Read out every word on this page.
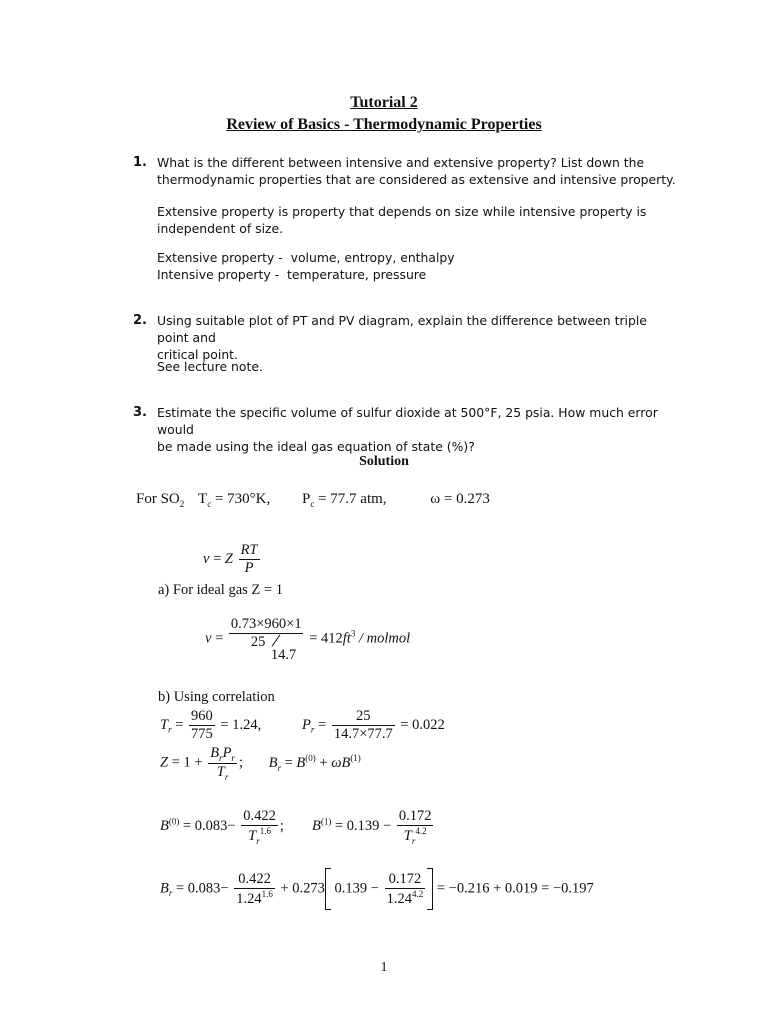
Tutorial 2
Review of Basics - Thermodynamic Properties
1. What is the different between intensive and extensive property? List down the
thermodynamic properties that are considered as extensive and intensive property.
Extensive property is property that depends on size while intensive property is
independent of size.
Extensive property -  volume, entropy, enthalpy
Intensive property -  temperature, pressure
2. Using suitable plot of PT and PV diagram, explain the difference between triple point and
critical point.
See lecture note.
3. Estimate the specific volume of sulfur dioxide at 500°F, 25 psia. How much error would
be made using the ideal gas equation of state (%)?
Solution
For $SO_2$ $T_c = 730^\circ K$, $P_c = 77.7$ atm,	ω = 0.273
v = Z $\frac{RT}{P}$
a) For ideal gas Z = 1
v = 0.73×960×1
25
$14.7 = 412ft^3$ / molmol
b) Using correlation
$T_r = \frac{960}{775} = 1.24$,	$P_r = \frac{25}{14.7\times 77.7} = 0.022$
$Z = 1 + \frac{B_rP_r}{T_r}$ ; $B_r = B^{(0)} + \omega B^{(1)}$
$B^{(0)} = 0.083- \frac{0.422}{T_r^{1.6}}$ ; $B^{(1)} = 0.139 - \frac{0.172}{T_r^{4.2}}$
$B_r = 0.083- \frac{0.422}{1.24^{1.6}} + 0.273$ $0.139 - \frac{0.172}{1.24^{4.2}} = -0.216 + 0.019 = -0.197$
1
